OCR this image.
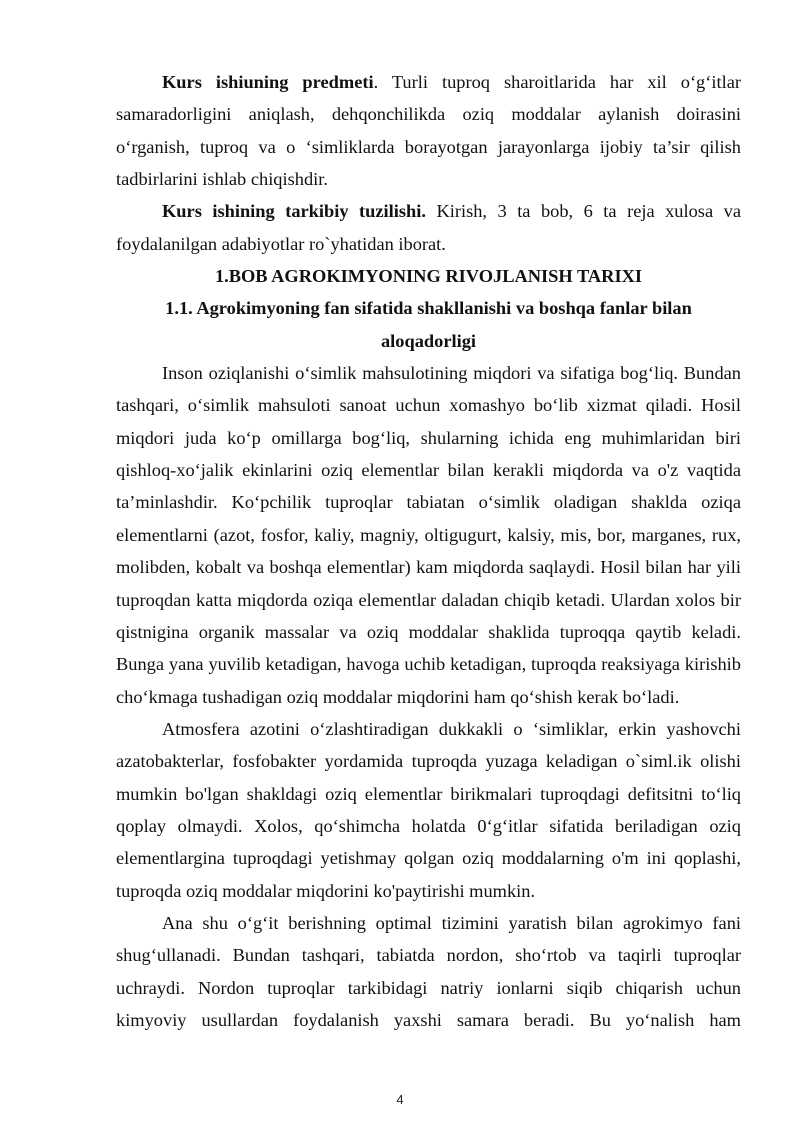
Kurs ishiuning predmeti. Turli tuproq sharoitlarida har xil o‘g‘itlar samaradorligini aniqlash, dehqonchilikda oziq moddalar aylanish doirasini o‘rganish, tuproq va o ‘simliklarda borayotgan jarayonlarga ijobiy ta’sir qilish tadbirlarini ishlab chiqishdir.

Kurs ishining tarkibiy tuzilishi. Kirish, 3 ta bob, 6 ta reja xulosa va foydalanilgan adabiyotlar ro`yhatidan iborat.

1.BOB AGROKIMYONING RIVOJLANISH TARIXI
1.1. Agrokimyoning fan sifatida shakllanishi va boshqa fanlar bilan aloqadorligi

Inson oziqlanishi o‘simlik mahsulotining miqdori va sifatiga bog‘liq. Bundan tashqari, o‘simlik mahsuloti sanoat uchun xomashyo bo‘lib xizmat qiladi. Hosil miqdori juda ko‘p omillarga bog‘liq, shularning ichida eng muhimlaridan biri qishloq-xo‘jalik ekinlarini oziq elementlar bilan kerakli miqdorda va o'z vaqtida ta’minlashdir. Ko‘pchilik tuproqlar tabiatan o‘simlik oladigan shaklda oziqa elementlarni (azot, fosfor, kaliy, magniy, oltigugurt, kalsiy, mis, bor, marganes, rux, molibden, kobalt va boshqa elementlar) kam miqdorda saqlaydi. Hosil bilan har yili tuproqdan katta miqdorda oziqa elementlar daladan chiqib ketadi. Ulardan xolos bir qistnigina organik massalar va oziq moddalar shaklida tuproqqa qaytib keladi. Bunga yana yuvilib ketadigan, havoga uchib ketadigan, tuproqda reaksiyaga kirishib cho‘kmaga tushadigan oziq moddalar miqdorini ham qo‘shish kerak bo‘ladi.

Atmosfera azotini o‘zlashtiradigan dukkakli o ‘simliklar, erkin yashovchi azatobakterlar, fosfobakter yordamida tuproqda yuzaga keladigan o`siml.ik olishi mumkin bo'lgan shakldagi oziq elementlar birikmalari tuproqdagi defitsitni to‘liq qoplay olmaydi. Xolos, qo‘shimcha holatda 0‘g‘itlar sifatida beriladigan oziq elementlargina tuproqdagi yetishmay qolgan oziq moddalarning o'm ini qoplashi, tuproqda oziq moddalar miqdorini ko'paytirishi mumkin.

Ana shu o‘g‘it berishning optimal tizimini yaratish bilan agrokimyo fani shug‘ullanadi. Bundan tashqari, tabiatda nordon, sho‘rtob va taqirli tuproqlar uchraydi. Nordon tuproqlar tarkibidagi natriy ionlarni siqib chiqarish uchun kimyoviy usullardan foydalanish yaxshi samara beradi. Bu yo‘nalish ham

4
